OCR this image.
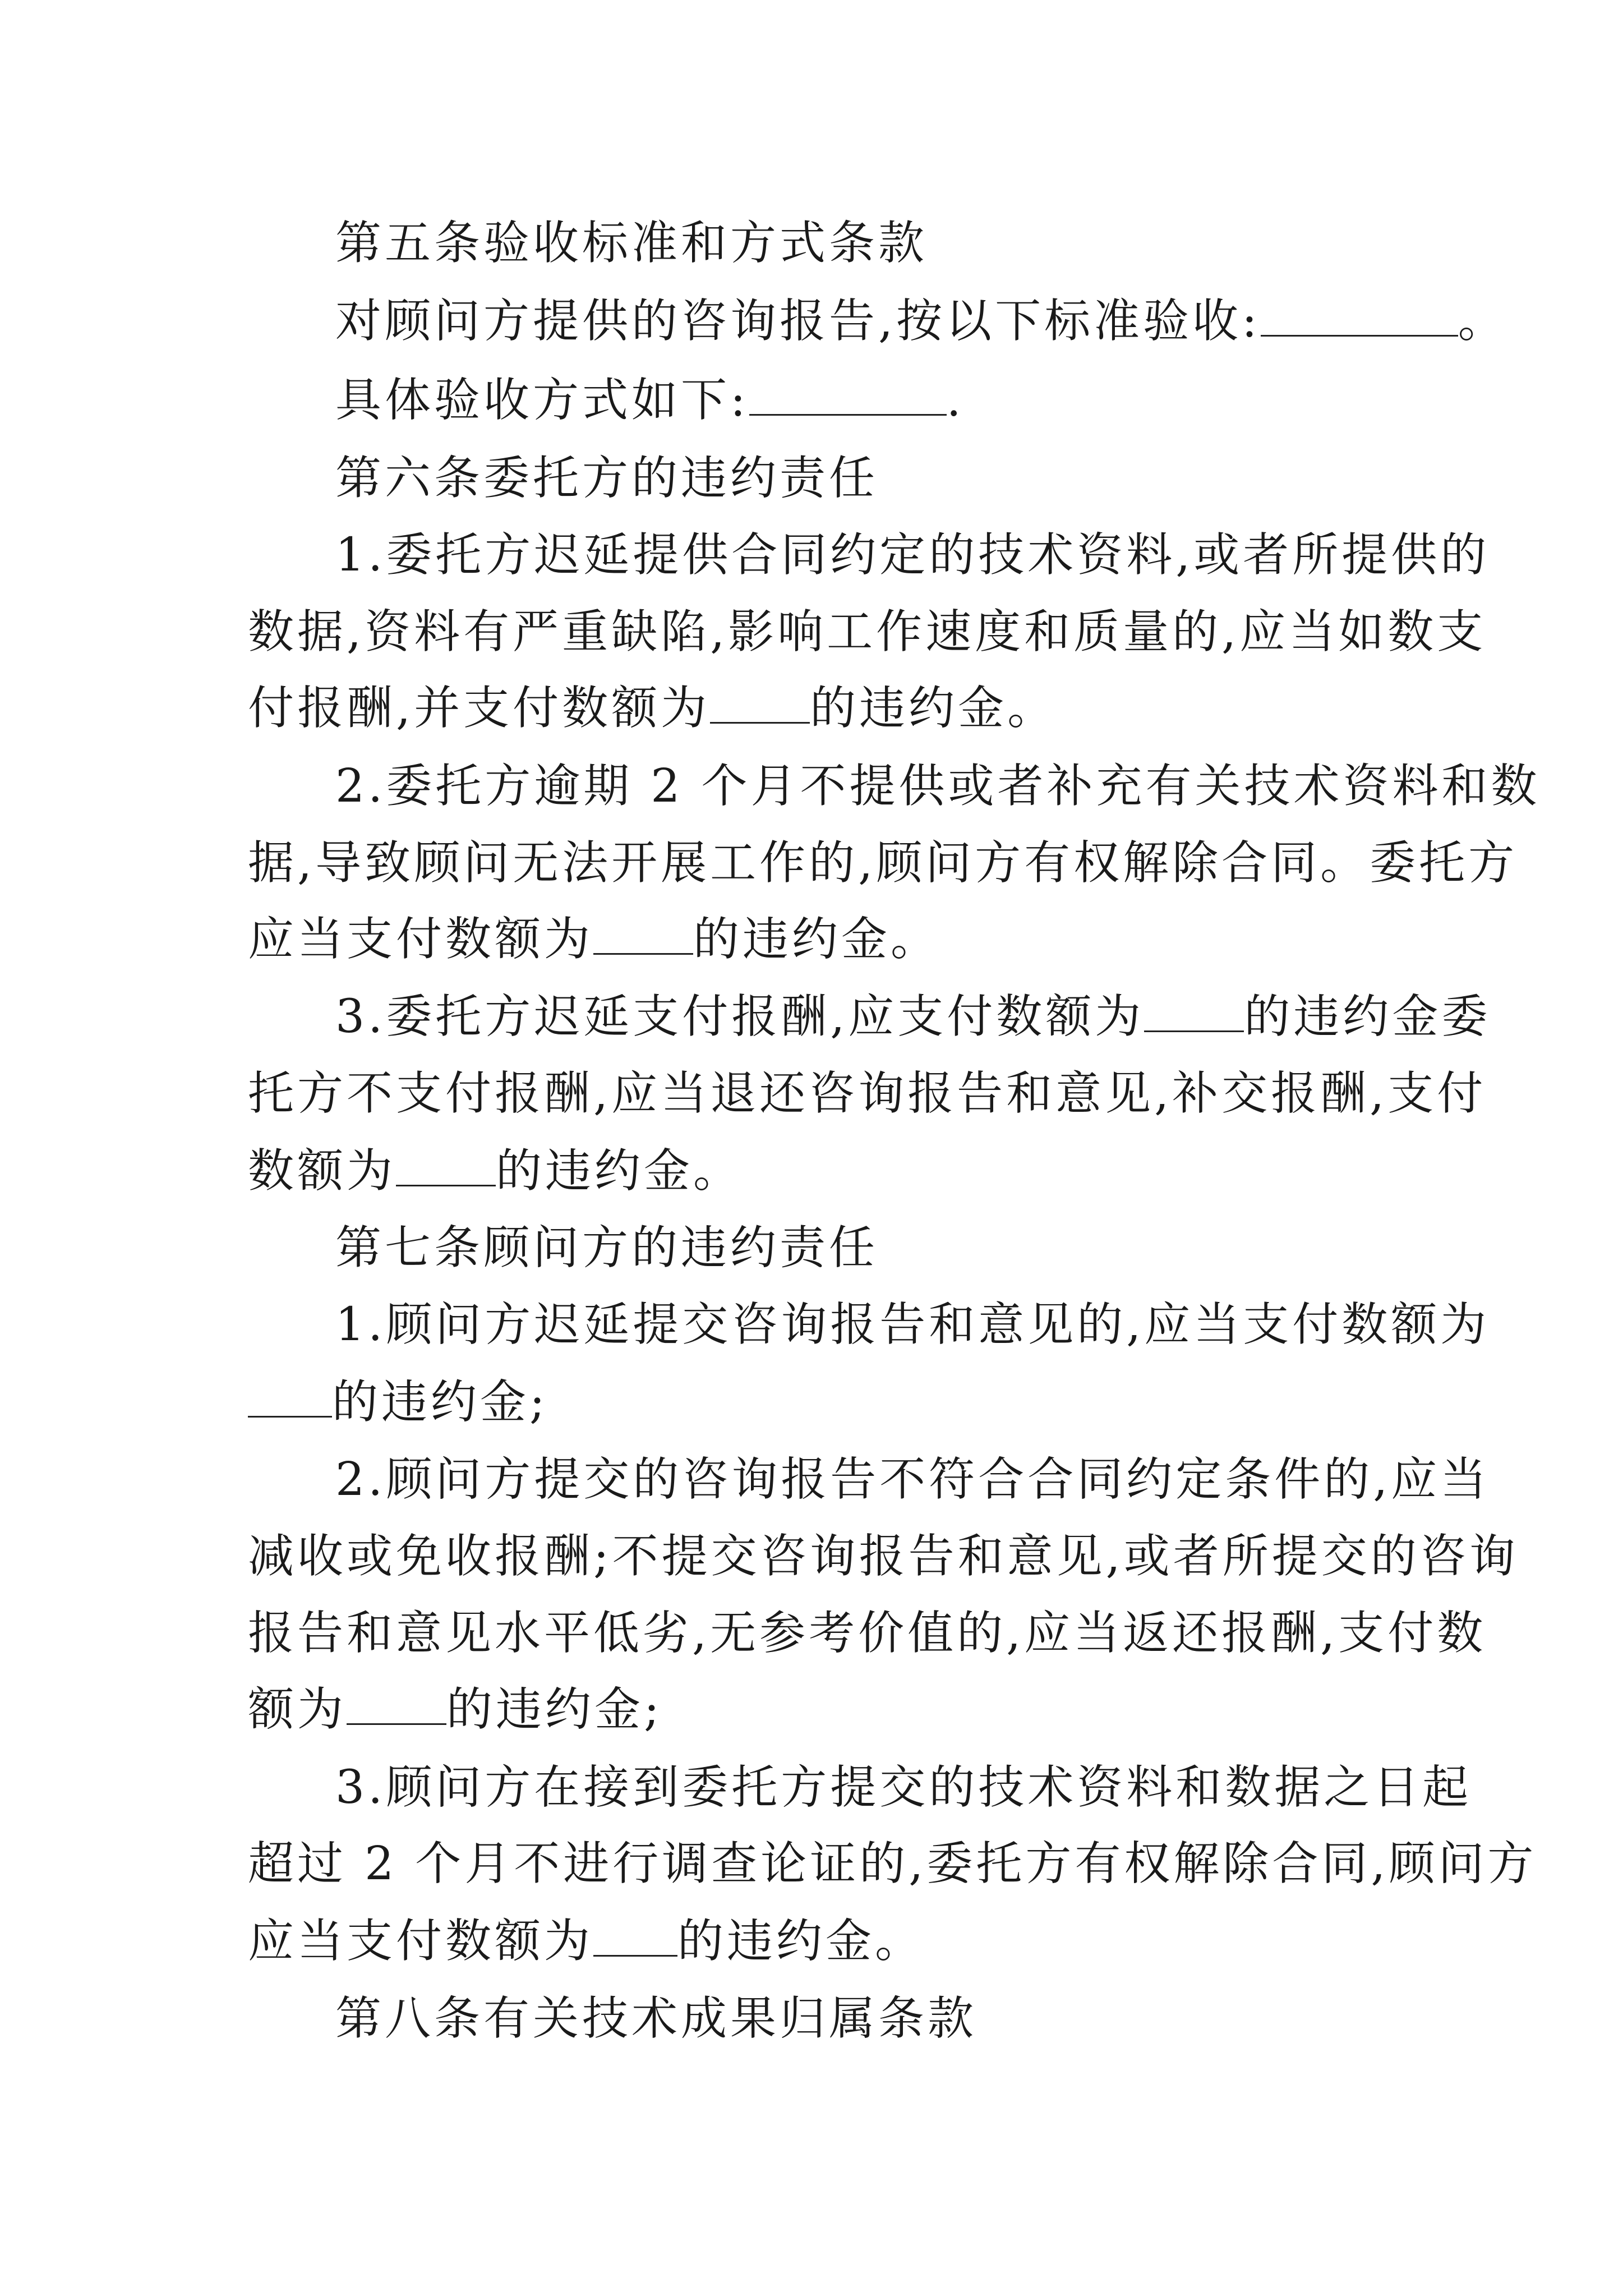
第五条验收标准和方式条款
对顾问方提供的咨询报告,按以下标准验收:	。
具体验收方式如下:	.
第六条委托方的违约责任
1.委托方迟延提供合同约定的技术资料,或者所提供的
数据,资料有严重缺陷,影响工作速度和质量的,应当如数支
付报酬,并支付数额为 的违约金。
2.委托方逾期 2 个月不提供或者补充有关技术资料和数
据,导致顾问无法开展工作的,顾问方有权解除合同。委托方
应当支付数额为 的违约金。
3.委托方迟延支付报酬,应支付数额为 的违约金委
托方不支付报酬,应当退还咨询报告和意见,补交报酬,支付
数额为 的违约金。
第七条顾问方的违约责任
1.顾问方迟延提交咨询报告和意见的,应当支付数额为
的违约金;
2.顾问方提交的咨询报告不符合合同约定条件的,应当
减收或免收报酬;不提交咨询报告和意见,或者所提交的咨询
报告和意见水平低劣,无参考价值的,应当返还报酬,支付数
额为 的违约金;
3.顾问方在接到委托方提交的技术资料和数据之日起
超过 2 个月不进行调查论证的,委托方有权解除合同,顾问方
应当支付数额为 的违约金。
第八条有关技术成果归属条款
